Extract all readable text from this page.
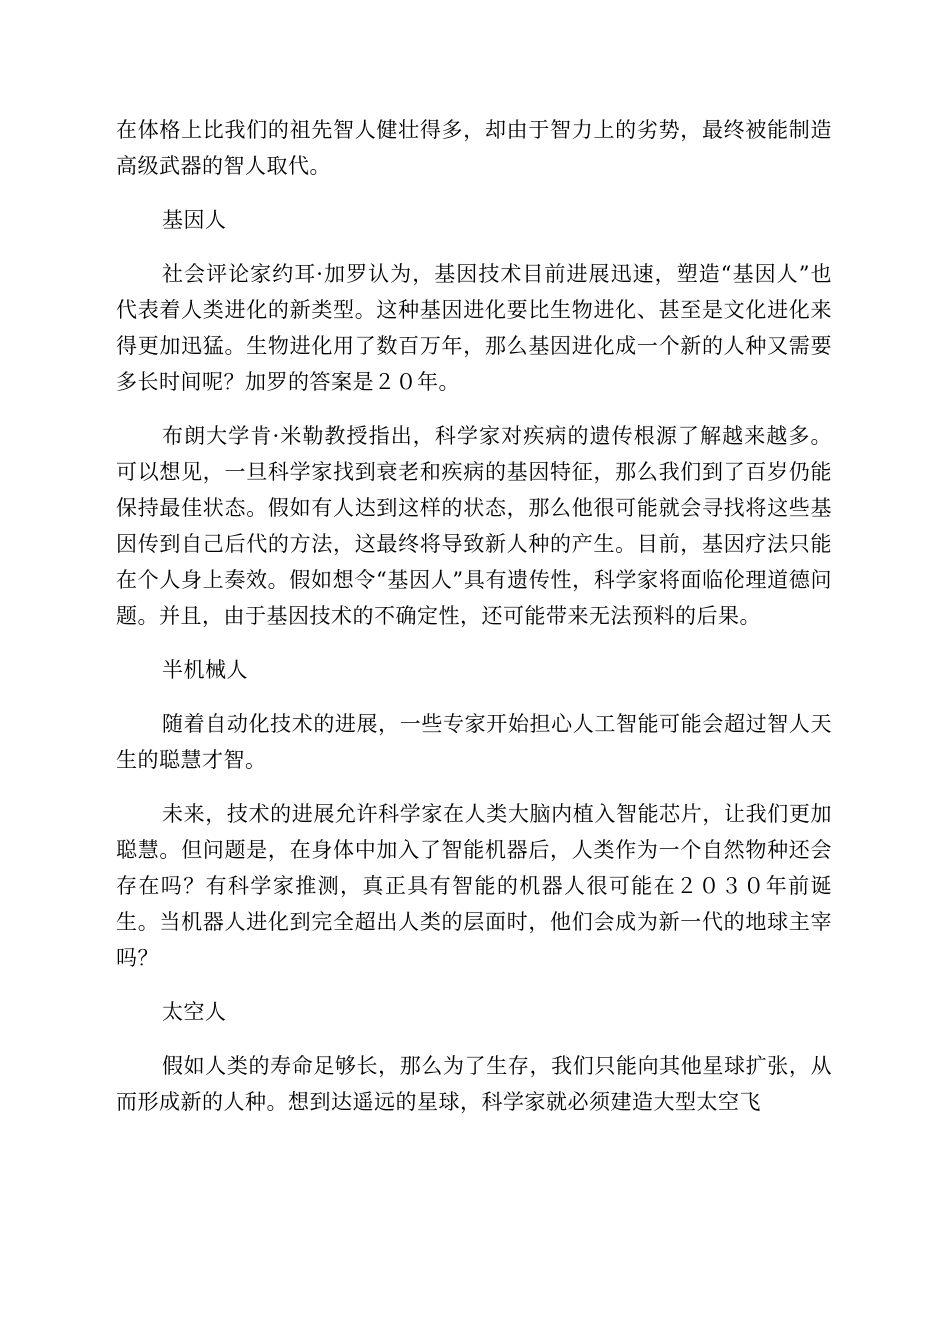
在体格上比我们的祖先智人健壮得多，却由于智力上的劣势，最终被能制造高级武器的智人取代。

基因人

社会评论家约耳·加罗认为，基因技术目前进展迅速，塑造“基因人”也代表着人类进化的新类型。这种基因进化要比生物进化、甚至是文化进化来得更加迅猛。生物进化用了数百万年，那么基因进化成一个新的人种又需要多长时间呢？加罗的答案是２０年。

布朗大学肯·米勒教授指出，科学家对疾病的遗传根源了解越来越多。可以想见，一旦科学家找到衰老和疾病的基因特征，那么我们到了百岁仍能保持最佳状态。假如有人达到这样的状态，那么他很可能就会寻找将这些基因传到自己后代的方法，这最终将导致新人种的产生。目前，基因疗法只能在个人身上奏效。假如想令“基因人”具有遗传性，科学家将面临伦理道德问题。并且，由于基因技术的不确定性，还可能带来无法预料的后果。

半机械人

随着自动化技术的进展，一些专家开始担心人工智能可能会超过智人天生的聪慧才智。

未来，技术的进展允许科学家在人类大脑内植入智能芯片，让我们更加聪慧。但问题是，在身体中加入了智能机器后，人类作为一个自然物种还会存在吗？有科学家推测，真正具有智能的机器人很可能在２０３０年前诞生。当机器人进化到完全超出人类的层面时，他们会成为新一代的地球主宰吗？

太空人

假如人类的寿命足够长，那么为了生存，我们只能向其他星球扩张，从而形成新的人种。想到达遥远的星球，科学家就必须建造大型太空飞
